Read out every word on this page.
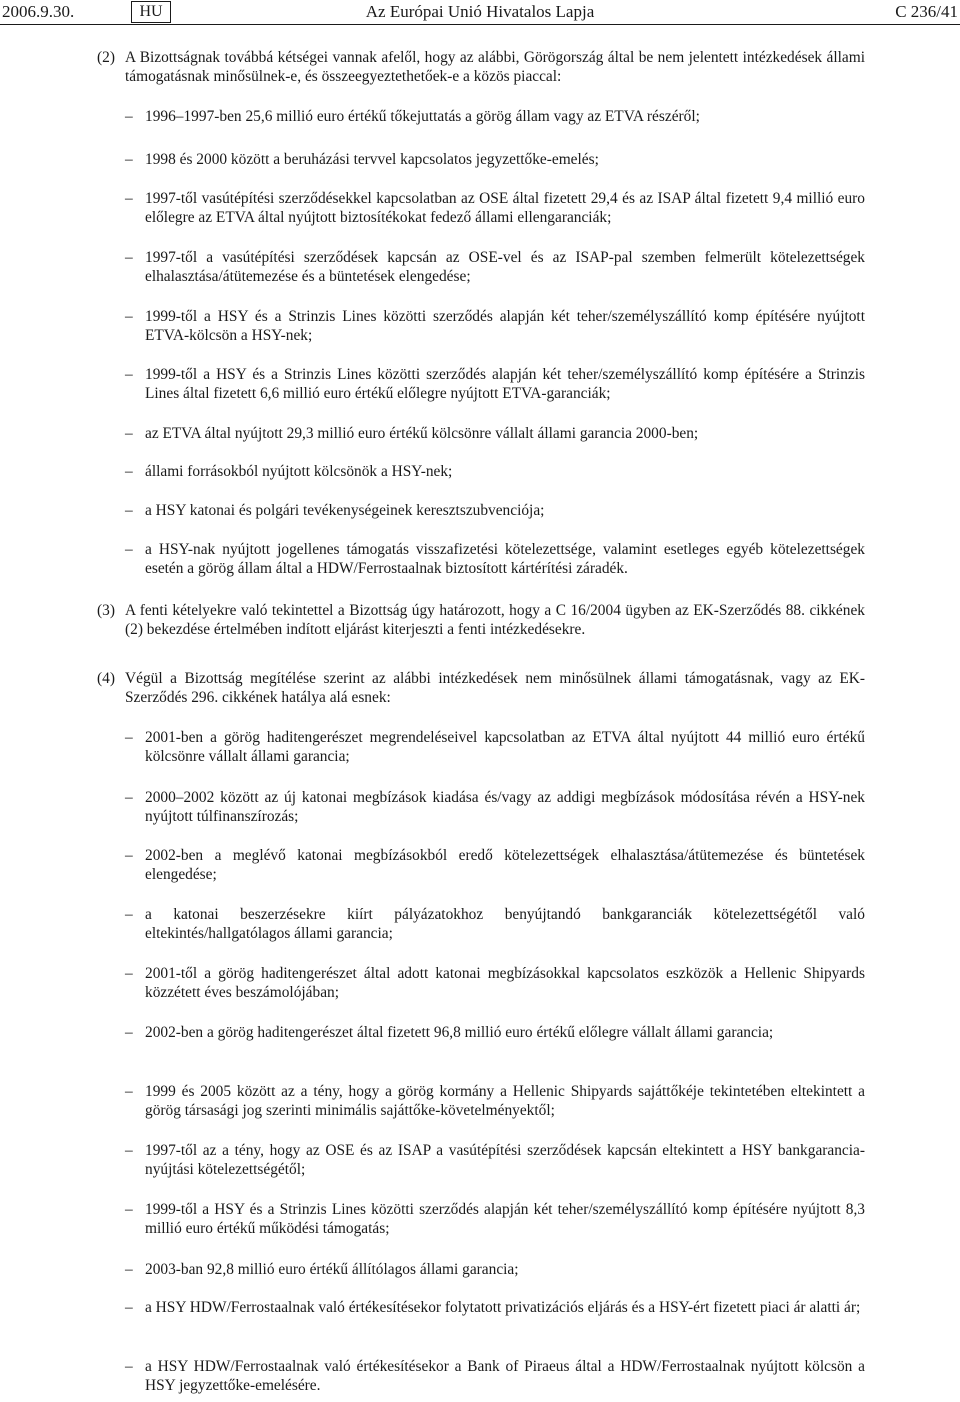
2006.9.30.	HU	Az Európai Unió Hivatalos Lapja	C 236/41
(2) A Bizottságnak továbbá kétségei vannak afelől, hogy az alábbi, Görögország által be nem jelentett intézkedések állami támogatásnak minősülnek-e, és összeegyeztethetőek-e a közös piaccal:
– 1996–1997-ben 25,6 millió euro értékű tőkejuttatás a görög állam vagy az ETVA részéről;
– 1998 és 2000 között a beruházási tervvel kapcsolatos jegyzettőke-emelés;
– 1997-től vasútépítési szerződésekkel kapcsolatban az OSE által fizetett 29,4 és az ISAP által fizetett 9,4 millió euro előlegre az ETVA által nyújtott biztosítékokat fedező állami ellengaranciák;
– 1997-től a vasútépítési szerződések kapcsán az OSE-vel és az ISAP-pal szemben felmerült kötelezettségek elhalasztása/átütemezése és a büntetések elengedése;
– 1999-től a HSY és a Strinzis Lines közötti szerződés alapján két teher/személyszállító komp építésére nyújtott ETVA-kölcsön a HSY-nek;
– 1999-től a HSY és a Strinzis Lines közötti szerződés alapján két teher/személyszállító komp építésére a Strinzis Lines által fizetett 6,6 millió euro értékű előlegre nyújtott ETVA-garanciák;
– az ETVA által nyújtott 29,3 millió euro értékű kölcsönre vállalt állami garancia 2000-ben;
– állami forrásokból nyújtott kölcsönök a HSY-nek;
– a HSY katonai és polgári tevékenységeinek keresztszubvenciója;
– a HSY-nak nyújtott jogellenes támogatás visszafizetési kötelezettsége, valamint esetleges egyéb kötelezettségek esetén a görög állam által a HDW/Ferrostaalnak biztosított kártérítési záradék.
(3) A fenti kételyekre való tekintettel a Bizottság úgy határozott, hogy a C 16/2004 ügyben az EK-Szerződés 88. cikkének (2) bekezdése értelmében indított eljárást kiterjeszti a fenti intézkedésekre.
(4) Végül a Bizottság megítélése szerint az alábbi intézkedések nem minősülnek állami támogatásnak, vagy az EK-Szerződés 296. cikkének hatálya alá esnek:
– 2001-ben a görög haditengerészet megrendeléseivel kapcsolatban az ETVA által nyújtott 44 millió euro értékű kölcsönre vállalt állami garancia;
– 2000–2002 között az új katonai megbízások kiadása és/vagy az addigi megbízások módosítása révén a HSY-nek nyújtott túlfinanszírozás;
– 2002-ben a meglévő katonai megbízásokból eredő kötelezettségek elhalasztása/átütemezése és büntetések elengedése;
– a katonai beszerzésekre kiírt pályázatokhoz benyújtandó bankgaranciák kötelezettségétől való eltekintés/hallgatólagos állami garancia;
– 2001-től a görög haditengerészet által adott katonai megbízásokkal kapcsolatos eszközök a Hellenic Shipyards közzétett éves beszámolójában;
– 2002-ben a görög haditengerészet által fizetett 96,8 millió euro értékű előlegre vállalt állami garancia;
– 1999 és 2005 között az a tény, hogy a görög kormány a Hellenic Shipyards sajáttőkéje tekintetében eltekintett a görög társasági jog szerinti minimális sajáttőke-követelményektől;
– 1997-től az a tény, hogy az OSE és az ISAP a vasútépítési szerződések kapcsán eltekintett a HSY bankgarancia-nyújtási kötelezettségétől;
– 1999-től a HSY és a Strinzis Lines közötti szerződés alapján két teher/személyszállító komp építésére nyújtott 8,3 millió euro értékű működési támogatás;
– 2003-ban 92,8 millió euro értékű állítólagos állami garancia;
– a HSY HDW/Ferrostaalnak való értékesítésekor folytatott privatizációs eljárás és a HSY-ért fizetett piaci ár alatti ár;
– a HSY HDW/Ferrostaalnak való értékesítésekor a Bank of Piraeus által a HDW/Ferrostaalnak nyújtott kölcsön a HSY jegyzettőke-emelésére.
